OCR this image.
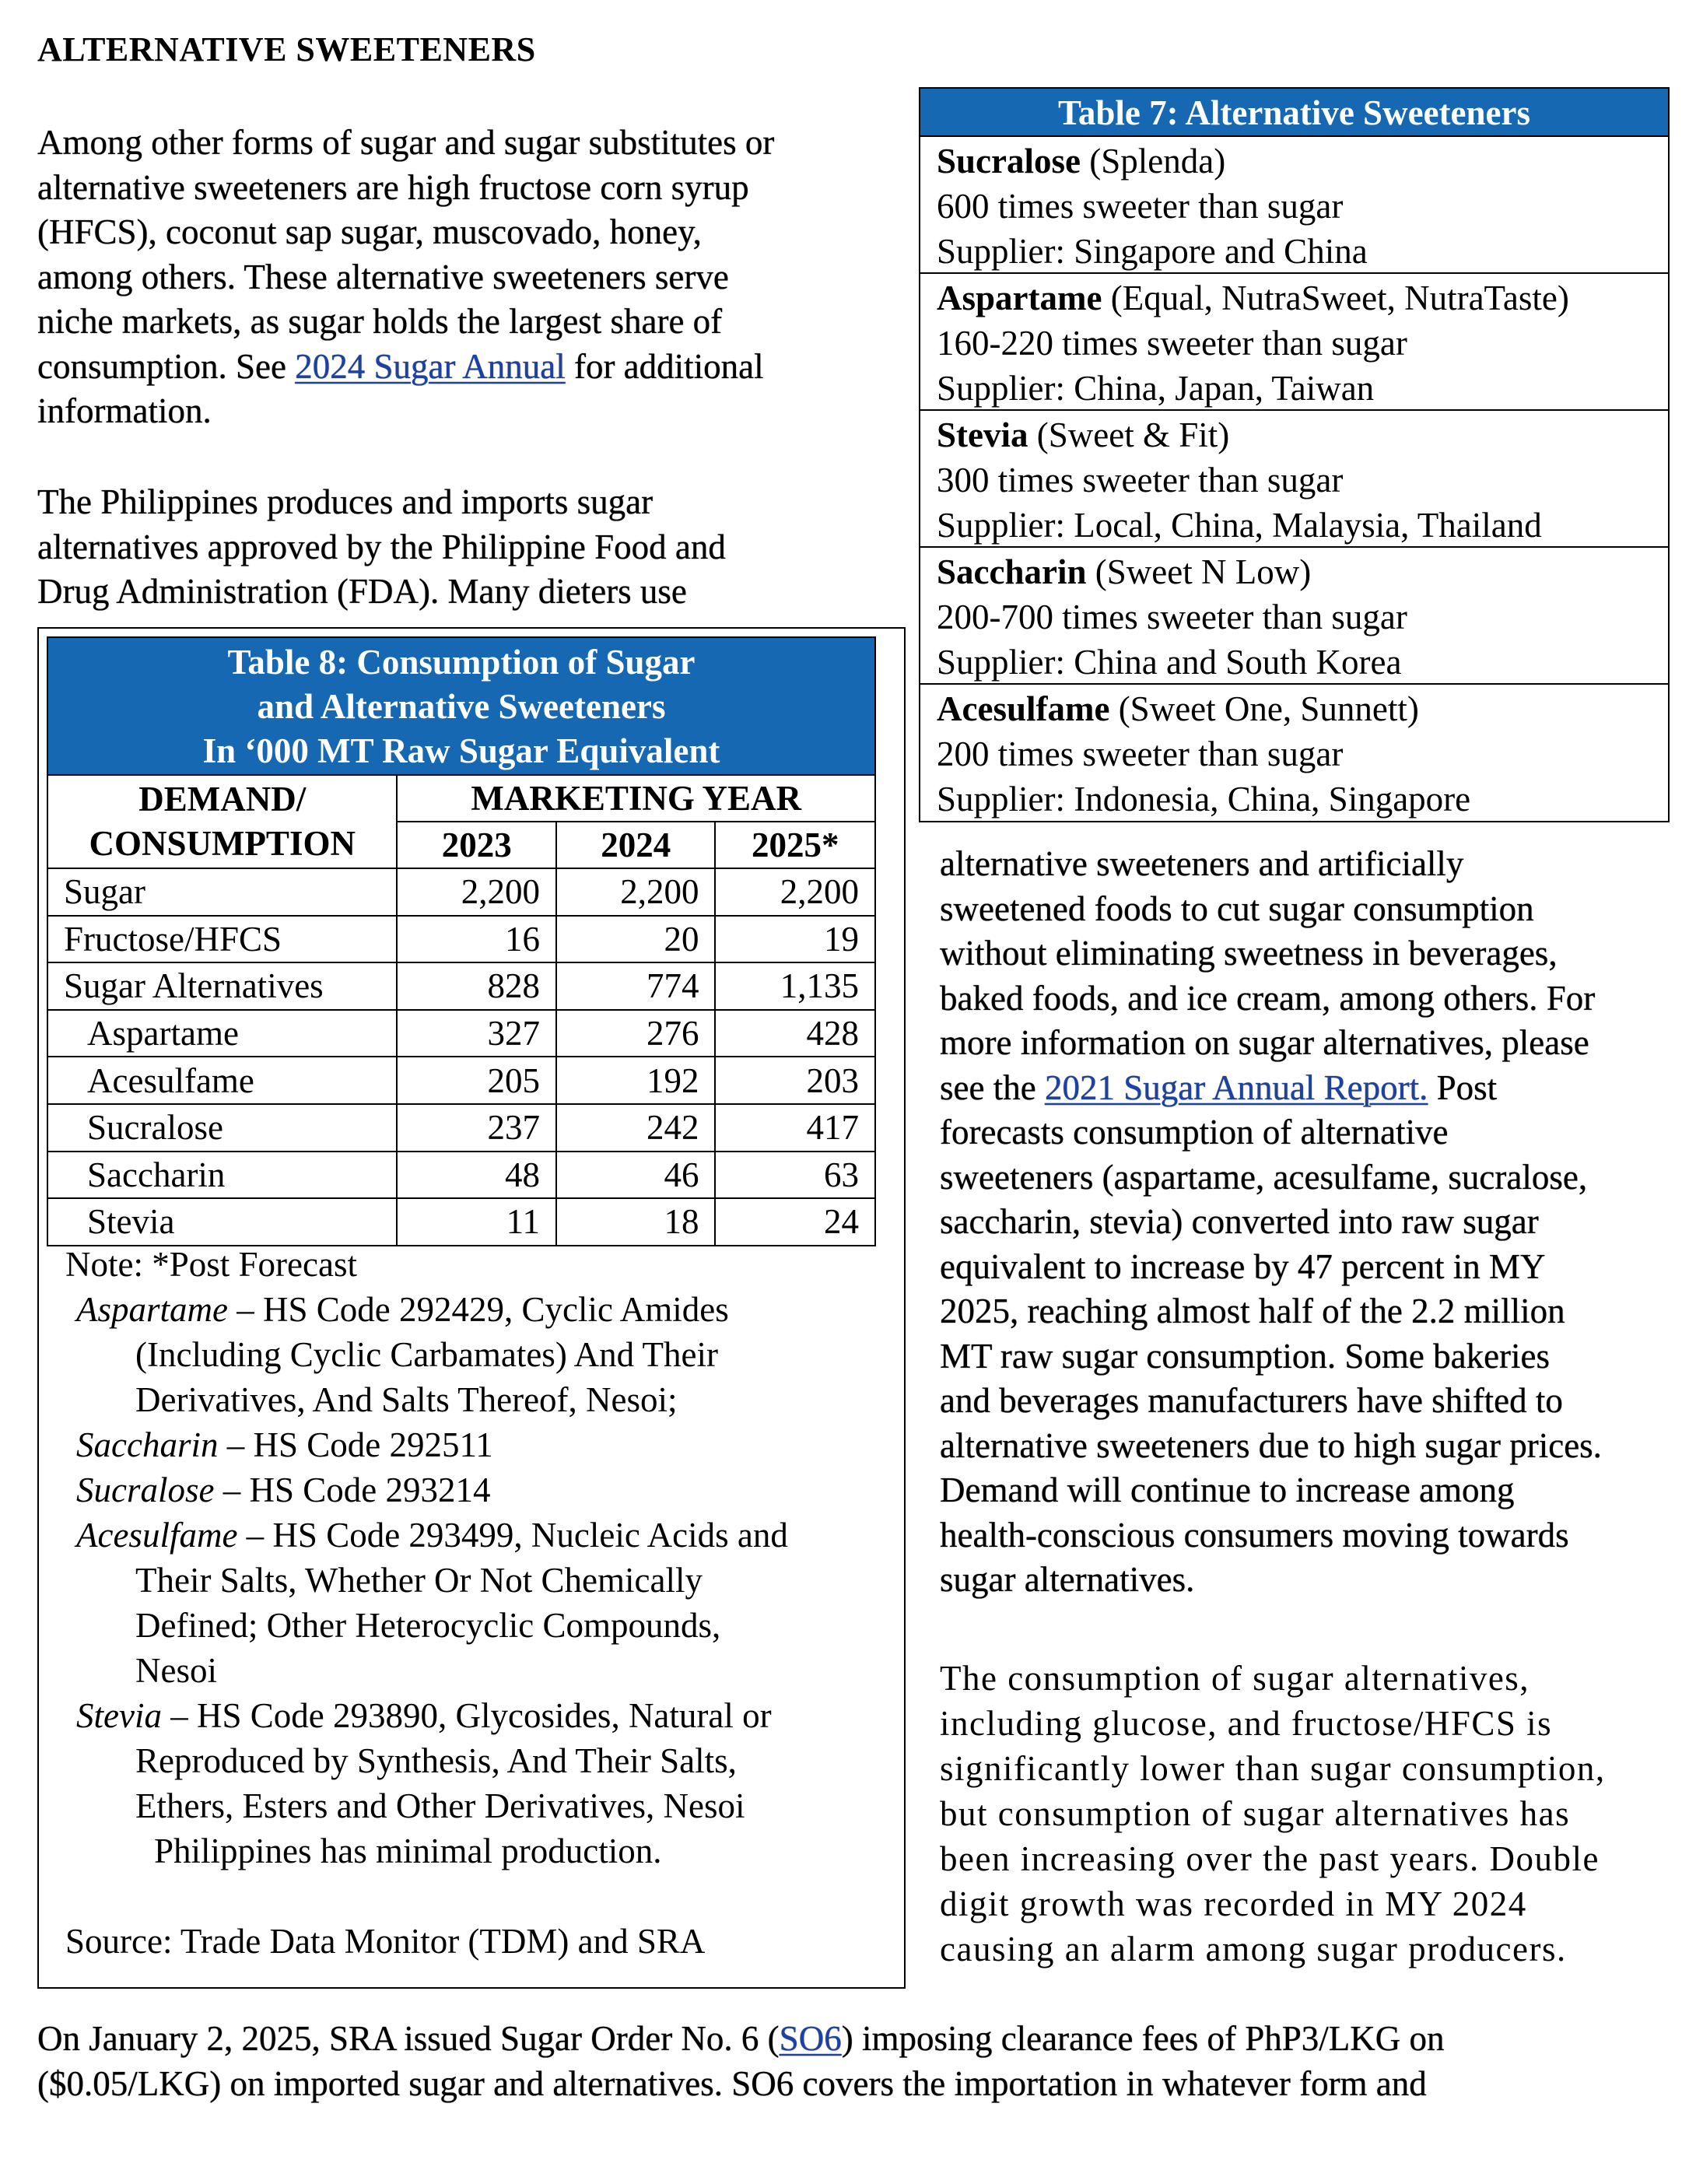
ALTERNATIVE SWEETENERS
Among other forms of sugar and sugar substitutes or
alternative sweeteners are high fructose corn syrup
(HFCS), coconut sap sugar, muscovado, honey,
among others. These alternative sweeteners serve
niche markets, as sugar holds the largest share of
consumption. See 2024 Sugar Annual for additional
information.
The Philippines produces and imports sugar
alternatives approved by the Philippine Food and
Drug Administration (FDA). Many dieters use
Table 7: Alternative Sweeteners
Sucralose (Splenda)
600 times sweeter than sugar
Supplier: Singapore and China
Aspartame (Equal, NutraSweet, NutraTaste)
160-220 times sweeter than sugar
Supplier: China, Japan, Taiwan
Stevia (Sweet & Fit)
300 times sweeter than sugar
Supplier: Local, China, Malaysia, Thailand
Saccharin (Sweet N Low)
200-700 times sweeter than sugar
Supplier: China and South Korea
Acesulfame (Sweet One, Sunnett)
200 times sweeter than sugar
Supplier: Indonesia, China, Singapore
Table 8: Consumption of Sugar
and Alternative Sweeteners
In ‘000 MT Raw Sugar Equivalent			

DEMAND/
CONSUMPTION	MARKETING YEAR		
	2023	2024	2025*
Sugar	2,200	2,200	2,200
Fructose/HFCS	16	20	19
Sugar Alternatives	828	774	1,135
Aspartame	327	276	428
Acesulfame	205	192	203
Sucralose	237	242	417
Saccharin	48	46	63
Stevia	11	18	24
Note: *Post Forecast
Aspartame – HS Code 292429, Cyclic Amides
(Including Cyclic Carbamates) And Their
Derivatives, And Salts Thereof, Nesoi;
Saccharin – HS Code 292511
Sucralose – HS Code 293214
Acesulfame – HS Code 293499, Nucleic Acids and
Their Salts, Whether Or Not Chemically
Defined; Other Heterocyclic Compounds,
Nesoi
Stevia – HS Code 293890, Glycosides, Natural or
Reproduced by Synthesis, And Their Salts,
Ethers, Esters and Other Derivatives, Nesoi
Philippines has minimal production.
Source: Trade Data Monitor (TDM) and SRA
alternative sweeteners and artificially
sweetened foods to cut sugar consumption
without eliminating sweetness in beverages,
baked foods, and ice cream, among others. For
more information on sugar alternatives, please
see the 2021 Sugar Annual Report. Post
forecasts consumption of alternative
sweeteners (aspartame, acesulfame, sucralose,
saccharin, stevia) converted into raw sugar
equivalent to increase by 47 percent in MY
2025, reaching almost half of the 2.2 million
MT raw sugar consumption. Some bakeries
and beverages manufacturers have shifted to
alternative sweeteners due to high sugar prices.
Demand will continue to increase among
health-conscious consumers moving towards
sugar alternatives.
The consumption of sugar alternatives,
including glucose, and fructose/HFCS is
significantly lower than sugar consumption,
but consumption of sugar alternatives has
been increasing over the past years. Double
digit growth was recorded in MY 2024
causing an alarm among sugar producers.
On January 2, 2025, SRA issued Sugar Order No. 6 (SO6) imposing clearance fees of PhP3/LKG on
($0.05/LKG) on imported sugar and alternatives. SO6 covers the importation in whatever form and
